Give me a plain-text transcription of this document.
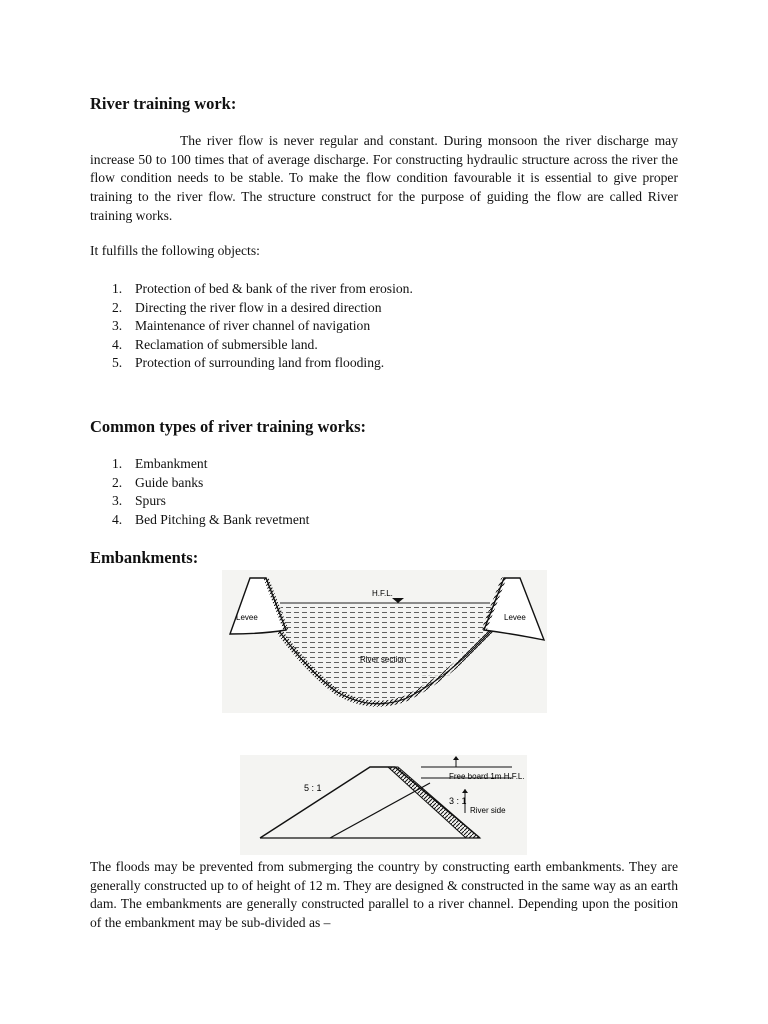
River training work:

The river flow is never regular and constant. During monsoon the river discharge may increase 50 to 100 times that of average discharge. For constructing hydraulic structure across the river the flow condition needs to be stable. To make the flow condition favourable it is essential to give proper training to the river flow. The structure construct for the purpose of guiding the flow are called River training works.

It fulfills the following objects:

1. Protection of bed & bank of the river from erosion.
2. Directing the river flow in a desired direction
3. Maintenance of river channel of navigation
4. Reclamation of submersible land.
5. Protection of surrounding land from flooding.
Common types of river training works:
1. Embankment
2. Guide banks
3. Spurs
4. Bed Pitching & Bank revetment
Embankments:

The floods may be prevented from submerging the country by constructing earth embankments. They are generally constructed up to of height of 12 m. They are designed & constructed in the same way as an earth dam. The embankments are generally constructed parallel to a river channel. Depending upon the position of the embankment may be sub-divided as –

H.F.L.
Levee	Levee
River section
~ ~ ~ ~ ~
5 : 1
3 : 1
Free board 1m H.F.L.
River side
